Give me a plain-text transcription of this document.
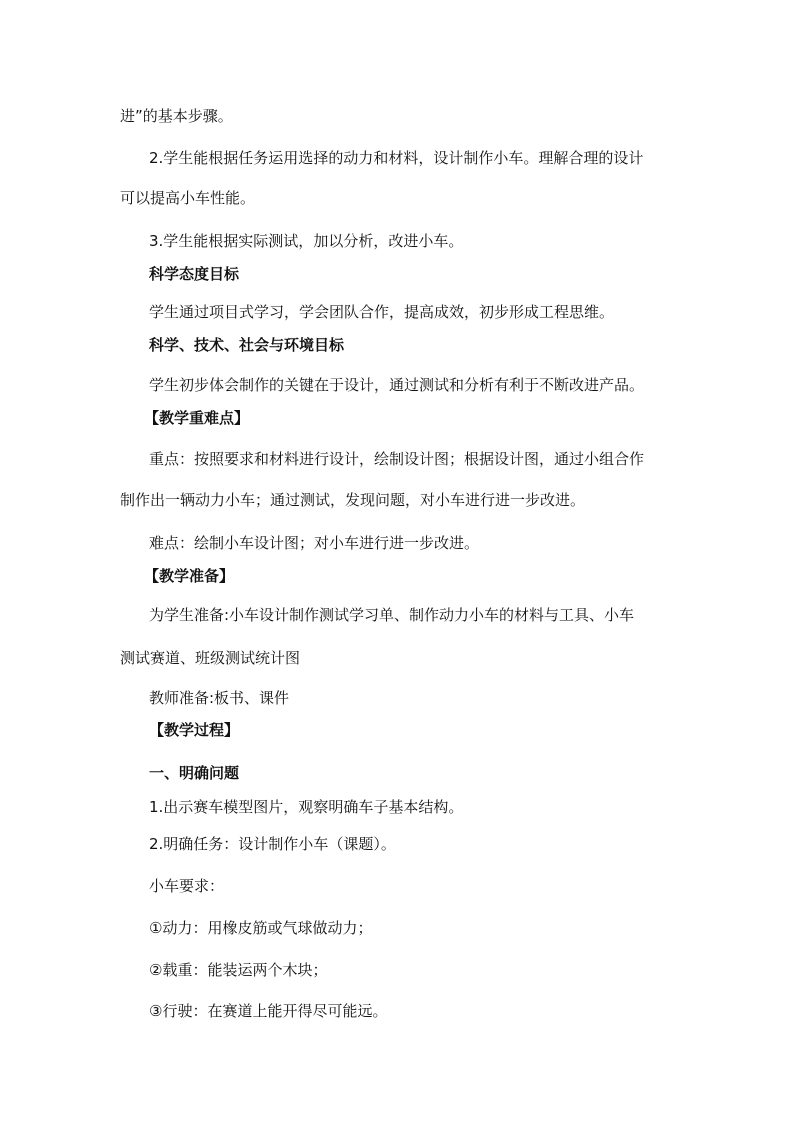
进”的基本步骤。
2.学生能根据任务运用选择的动力和材料，设计制作小车。理解合理的设计
可以提高小车性能。
3.学生能根据实际测试，加以分析，改进小车。
科学态度目标
学生通过项目式学习，学会团队合作，提高成效，初步形成工程思维。
科学、技术、社会与环境目标
学生初步体会制作的关键在于设计，通过测试和分析有利于不断改进产品。
【教学重难点】
重点：按照要求和材料进行设计，绘制设计图；根据设计图，通过小组合作
制作出一辆动力小车；通过测试，发现问题，对小车进行进一步改进。
难点：绘制小车设计图；对小车进行进一步改进。
【教学准备】
为学生准备:小车设计制作测试学习单、制作动力小车的材料与工具、小车
测试赛道、班级测试统计图
教师准备:板书、课件
【教学过程】
一、明确问题
1.出示赛车模型图片，观察明确车子基本结构。
2.明确任务：设计制作小车（课题）。
小车要求：
①动力：用橡皮筋或气球做动力；
②载重：能装运两个木块；
③行驶：在赛道上能开得尽可能远。
